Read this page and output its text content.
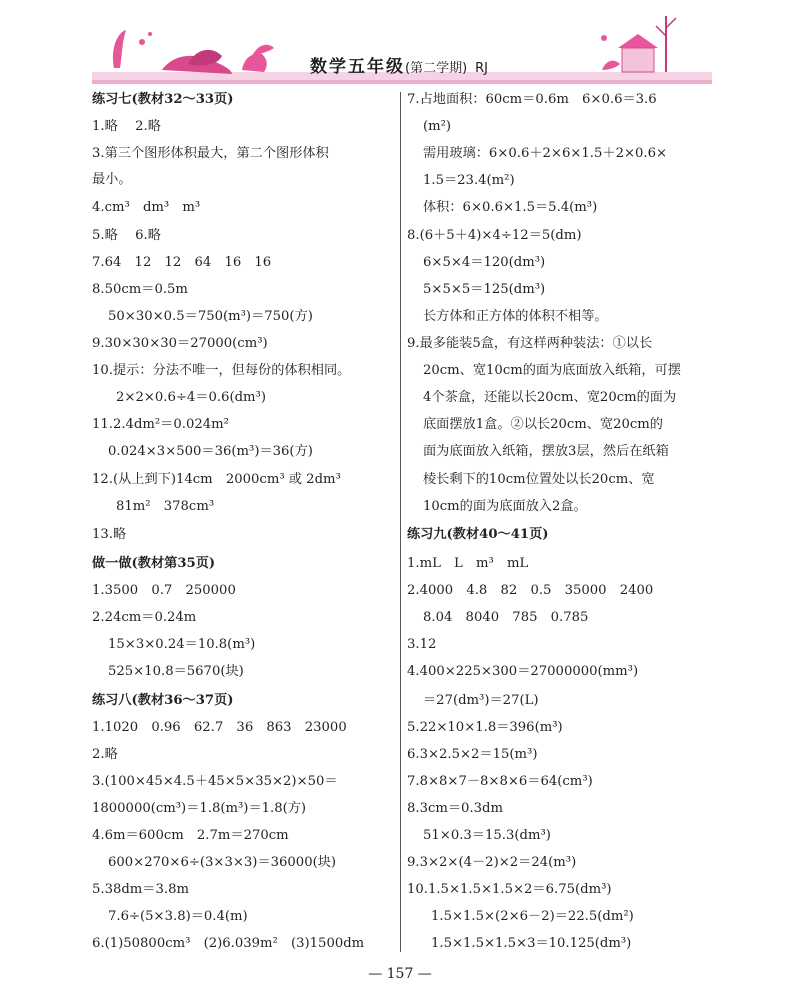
数学五年级(第二学期) RJ
练习七(教材32～33页)
1.略　 2.略
3.第三个图形体积最大，第二个图形体积
最小。
4.cm³　dm³　m³
5.略　 6.略
7.64　12　12　64　16　16
8.50cm＝0.5m
50×30×0.5＝750(m³)＝750(方)
9.30×30×30＝27000(cm³)
10.提示：分法不唯一，但每份的体积相同。
2×2×0.6÷4＝0.6(dm³)
11.2.4dm²＝0.024m²
0.024×3×500＝36(m³)＝36(方)
12.(从上到下)14cm　2000cm³ 或 2dm³
81m²　378cm³
13.略
做一做(教材第35页)
1.3500　0.7　250000
2.24cm＝0.24m
15×3×0.24＝10.8(m³)
525×10.8＝5670(块)
练习八(教材36～37页)
1.1020　0.96　62.7　36　863　23000
2.略
3.(100×45×4.5＋45×5×35×2)×50＝
1800000(cm³)＝1.8(m³)＝1.8(方)
4.6m＝600cm　2.7m＝270cm
600×270×6÷(3×3×3)＝36000(块)
5.38dm＝3.8m
7.6÷(5×3.8)＝0.4(m)
6.(1)50800cm³　(2)6.039m²　(3)1500dm
7.占地面积：60cm＝0.6m　6×0.6＝3.6
(m²)
需用玻璃：6×0.6＋2×6×1.5＋2×0.6×
1.5＝23.4(m²)
体积：6×0.6×1.5＝5.4(m³)
8.(6＋5＋4)×4÷12＝5(dm)
6×5×4＝120(dm³)
5×5×5＝125(dm³)
长方体和正方体的体积不相等。
9.最多能装5盒，有这样两种装法：①以长
20cm、宽10cm的面为底面放入纸箱，可摆
4个茶盒，还能以长20cm、宽20cm的面为
底面摆放1盒。②以长20cm、宽20cm的
面为底面放入纸箱，摆放3层，然后在纸箱
棱长剩下的10cm位置处以长20cm、宽
10cm的面为底面放入2盒。
练习九(教材40～41页)
1.mL　L　m³　mL
2.4000　4.8　82　0.5　35000　2400
8.04　8040　785　0.785
3.12
4.400×225×300＝27000000(mm³)
＝27(dm³)＝27(L)
5.22×10×1.8＝396(m³)
6.3×2.5×2＝15(m³)
7.8×8×7－8×8×6＝64(cm³)
8.3cm＝0.3dm
51×0.3＝15.3(dm³)
9.3×2×(4－2)×2＝24(m³)
10.1.5×1.5×1.5×2＝6.75(dm³)
1.5×1.5×(2×6－2)＝22.5(dm²)
1.5×1.5×1.5×3＝10.125(dm³)
— 157 —
